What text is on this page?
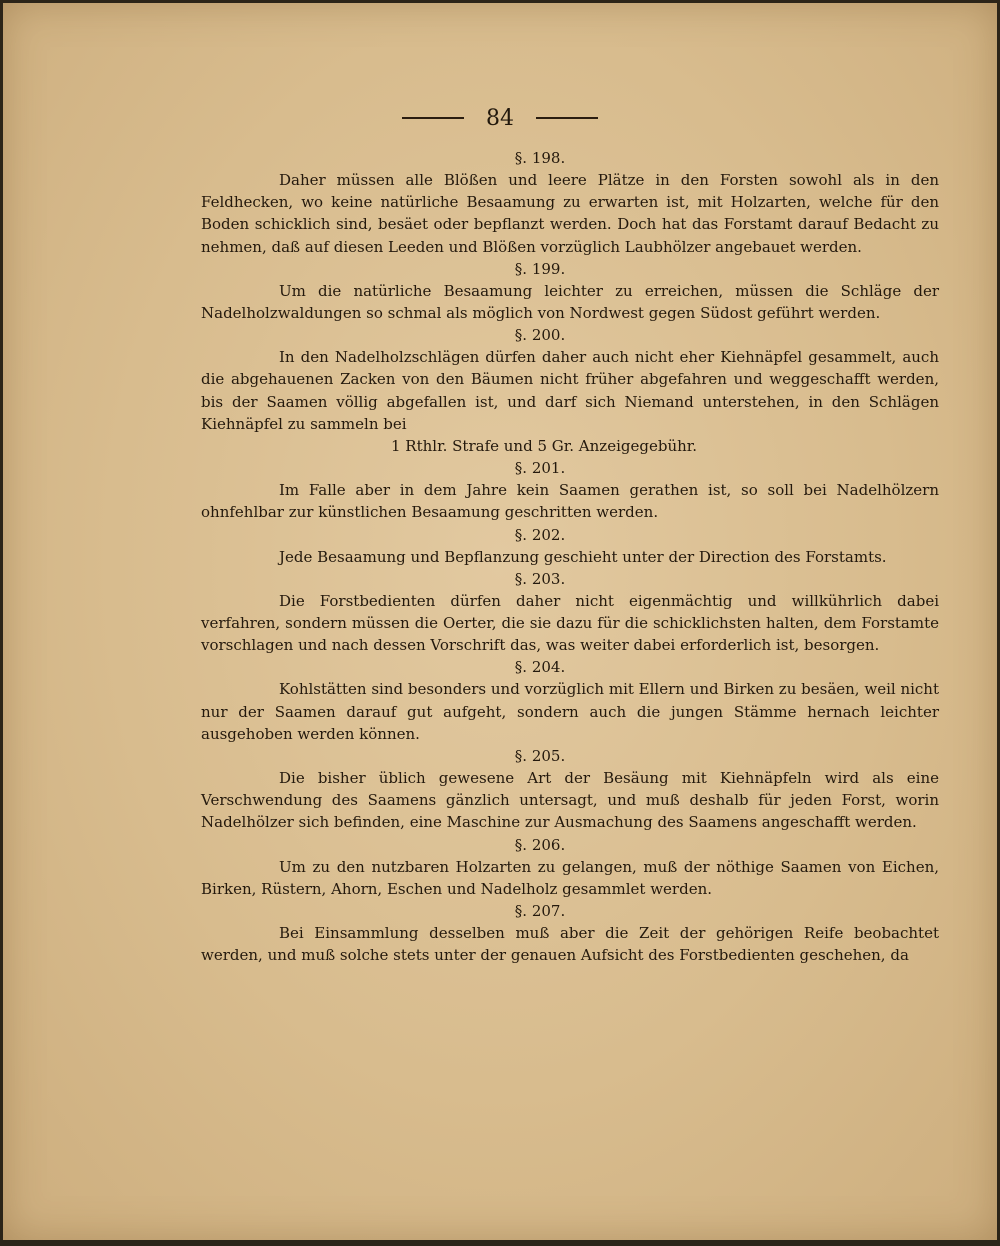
84

§. 198.

Daher müssen alle Blößen und leere Plätze in den Forsten sowohl als in den Feldhecken, wo keine natürliche Besaamung zu erwarten ist, mit Holzarten, welche für den Boden schicklich sind, besäet oder bepflanzt werden. Doch hat das Forstamt darauf Bedacht zu nehmen, daß auf diesen Leeden und Blößen vorzüglich Laubhölzer angebauet werden.

§. 199.

Um die natürliche Besaamung leichter zu erreichen, müssen die Schläge der Nadelholzwaldungen so schmal als möglich von Nordwest gegen Südost geführt werden.

§. 200.

In den Nadelholzschlägen dürfen daher auch nicht eher Kiehnäpfel gesammelt, auch die abgehauenen Zacken von den Bäumen nicht früher abgefahren und weggeschafft werden, bis der Saamen völlig abgefallen ist, und darf sich Niemand unterstehen, in den Schlägen Kiehnäpfel zu sammeln bei

1 Rthlr. Strafe und 5 Gr. Anzeigegebühr.

§. 201.

Im Falle aber in dem Jahre kein Saamen gerathen ist, so soll bei Nadelhölzern ohnfehlbar zur künstlichen Besaamung geschritten werden.

§. 202.

Jede Besaamung und Bepflanzung geschieht unter der Direction des Forstamts.

§. 203.

Die Forstbedienten dürfen daher nicht eigenmächtig und willkührlich dabei verfahren, sondern müssen die Oerter, die sie dazu für die schicklichsten halten, dem Forstamte vorschlagen und nach dessen Vorschrift das, was weiter dabei erforderlich ist, besorgen.

§. 204.

Kohlstätten sind besonders und vorzüglich mit Ellern und Birken zu besäen, weil nicht nur der Saamen darauf gut aufgeht, sondern auch die jungen Stämme hernach leichter ausgehoben werden können.

§. 205.

Die bisher üblich gewesene Art der Besäung mit Kiehnäpfeln wird als eine Verschwendung des Saamens gänzlich untersagt, und muß deshalb für jeden Forst, worin Nadelhölzer sich befinden, eine Maschine zur Ausmachung des Saamens angeschafft werden.

§. 206.

Um zu den nutzbaren Holzarten zu gelangen, muß der nöthige Saamen von Eichen, Birken, Rüstern, Ahorn, Eschen und Nadelholz gesammlet werden.

§. 207.

Bei Einsammlung desselben muß aber die Zeit der gehörigen Reife beobachtet werden, und muß solche stets unter der genauen Aufsicht des Forstbedienten geschehen, da
